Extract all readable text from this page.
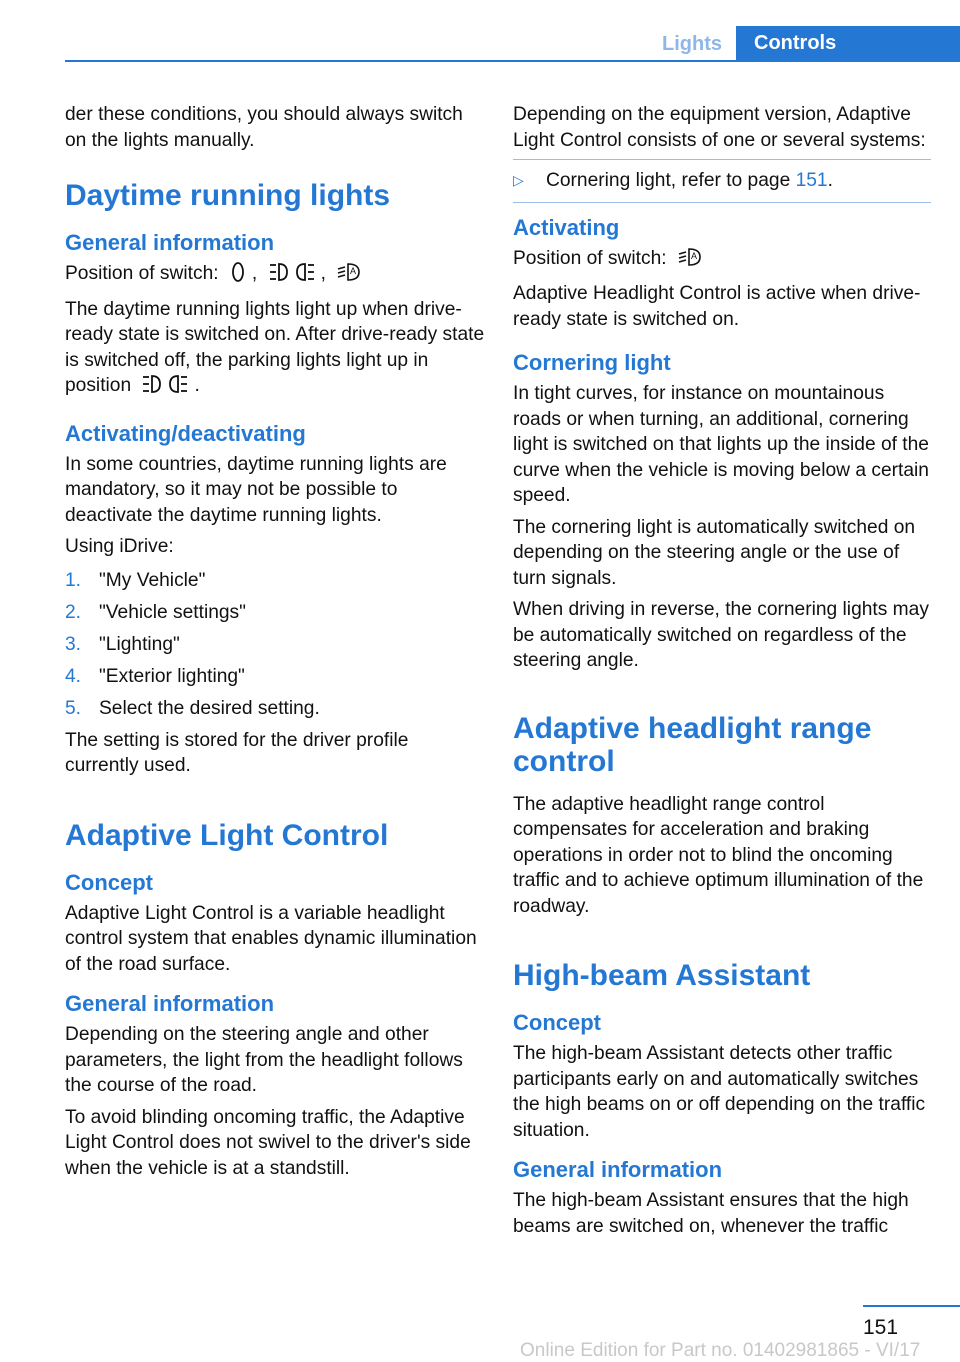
Lights	Controls

der these conditions, you should always switch on the lights manually.

Daytime running lights
General information

Position of switch: ,	,	A

The daytime running lights light up when drive-ready state is switched on. After drive-ready state is switched off, the parking lights light up in position	.

Activating/deactivating

In some countries, daytime running lights are mandatory, so it may not be possible to deactivate the daytime running lights.

Using iDrive:

1. "My Vehicle"
2. "Vehicle settings"
3. "Lighting"
4. "Exterior lighting"
5. Select the desired setting.

The setting is stored for the driver profile currently used.

Adaptive Light Control
Concept

Adaptive Light Control is a variable headlight control system that enables dynamic illumination of the road surface.

General information

Depending on the steering angle and other parameters, the light from the headlight follows the course of the road.

To avoid blinding oncoming traffic, the Adaptive Light Control does not swivel to the driver's side when the vehicle is at a standstill.

Depending on the equipment version, Adaptive Light Control consists of one or several systems:

▷	Cornering light, refer to page 151.
Activating

Position of switch:	A

Adaptive Headlight Control is active when drive-ready state is switched on.

Cornering light

In tight curves, for instance on mountainous roads or when turning, an additional, cornering light is switched on that lights up the inside of the curve when the vehicle is moving below a certain speed.

The cornering light is automatically switched on depending on the steering angle or the use of turn signals.

When driving in reverse, the cornering lights may be automatically switched on regardless of the steering angle.

Adaptive headlight range control

The adaptive headlight range control compensates for acceleration and braking operations in order not to blind the oncoming traffic and to achieve optimum illumination of the roadway.

High-beam Assistant
Concept

The high-beam Assistant detects other traffic participants early on and automatically switches the high beams on or off depending on the traffic situation.

General information

The high-beam Assistant ensures that the high beams are switched on, whenever the traffic

151
Online Edition for Part no. 01402981865 - VI/17
